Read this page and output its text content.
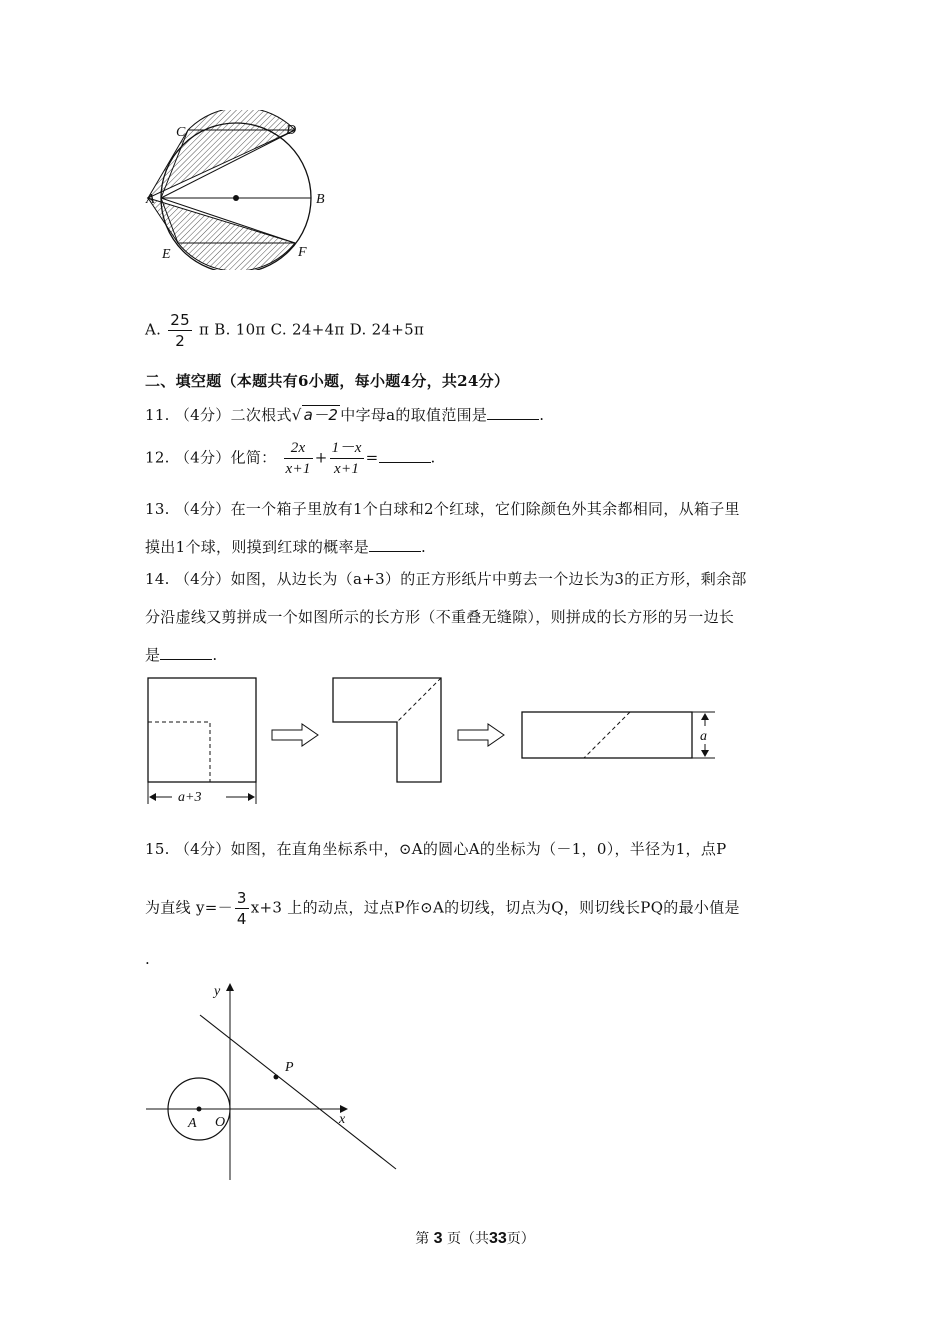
C	D
A	B
E	F
A. $\frac{25}{2}$ π B. 10π C. 24+4π D. 24+5π
二、填空题（本题共有6小题，每小题4分，共24分）
11. （4分）二次根式√ a－2 中字母a的取值范围是	.
12. （4分）化简： $\frac{2x}{x+1} + \frac{1-x}{x+1}$ =	.
13. （4分）在一个箱子里放有1个白球和2个红球，它们除颜色外其余都相同，从箱子里
摸出1个球，则摸到红球的概率是	.
14. （4分）如图，从边长为（a+3）的正方形纸片中剪去一个边长为3的正方形，剩余部
分沿虚线又剪拼成一个如图所示的长方形（不重叠无缝隙），则拼成的长方形的另一边长
是	.
a+3
a
15. （4分）如图，在直角坐标系中，⊙A的圆心A的坐标为（－1，0），半径为1，点P
为直线 $y=- \frac{3}{4} x+3$ 上的动点，过点P作⊙A的切线，切点为Q，则切线长PQ的最小值是
.
y
x
P
A O
第 3 页（共33页）
